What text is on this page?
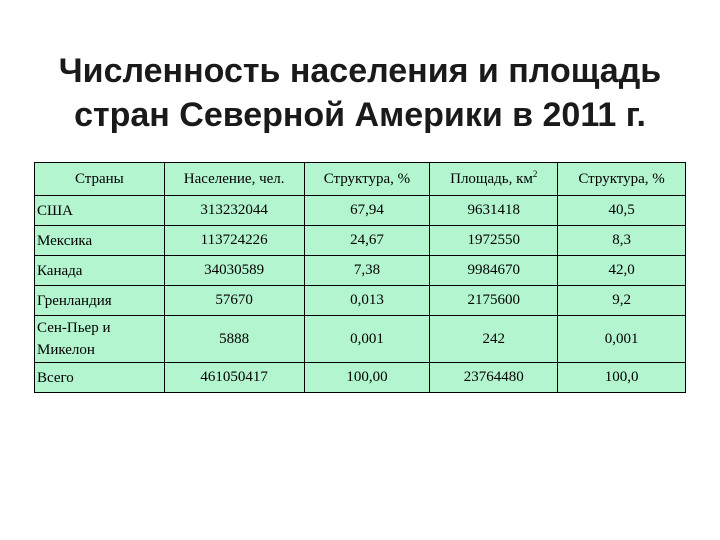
Численность населения и площадь
стран Северной Америки в 2011 г.
Страны	Население, чел.	Структура, %	Площадь, $км^2$	Структура, %
США	313232044	67,94	9631418	40,5
Мексика	113724226	24,67	1972550	8,3
Канада	34030589	7,38	9984670	42,0
Гренландия	57670	0,013	2175600	9,2
Сен-Пьер и Микелон	5888	0,001	242	0,001
Всего	461050417	100,00	23764480	100,0
